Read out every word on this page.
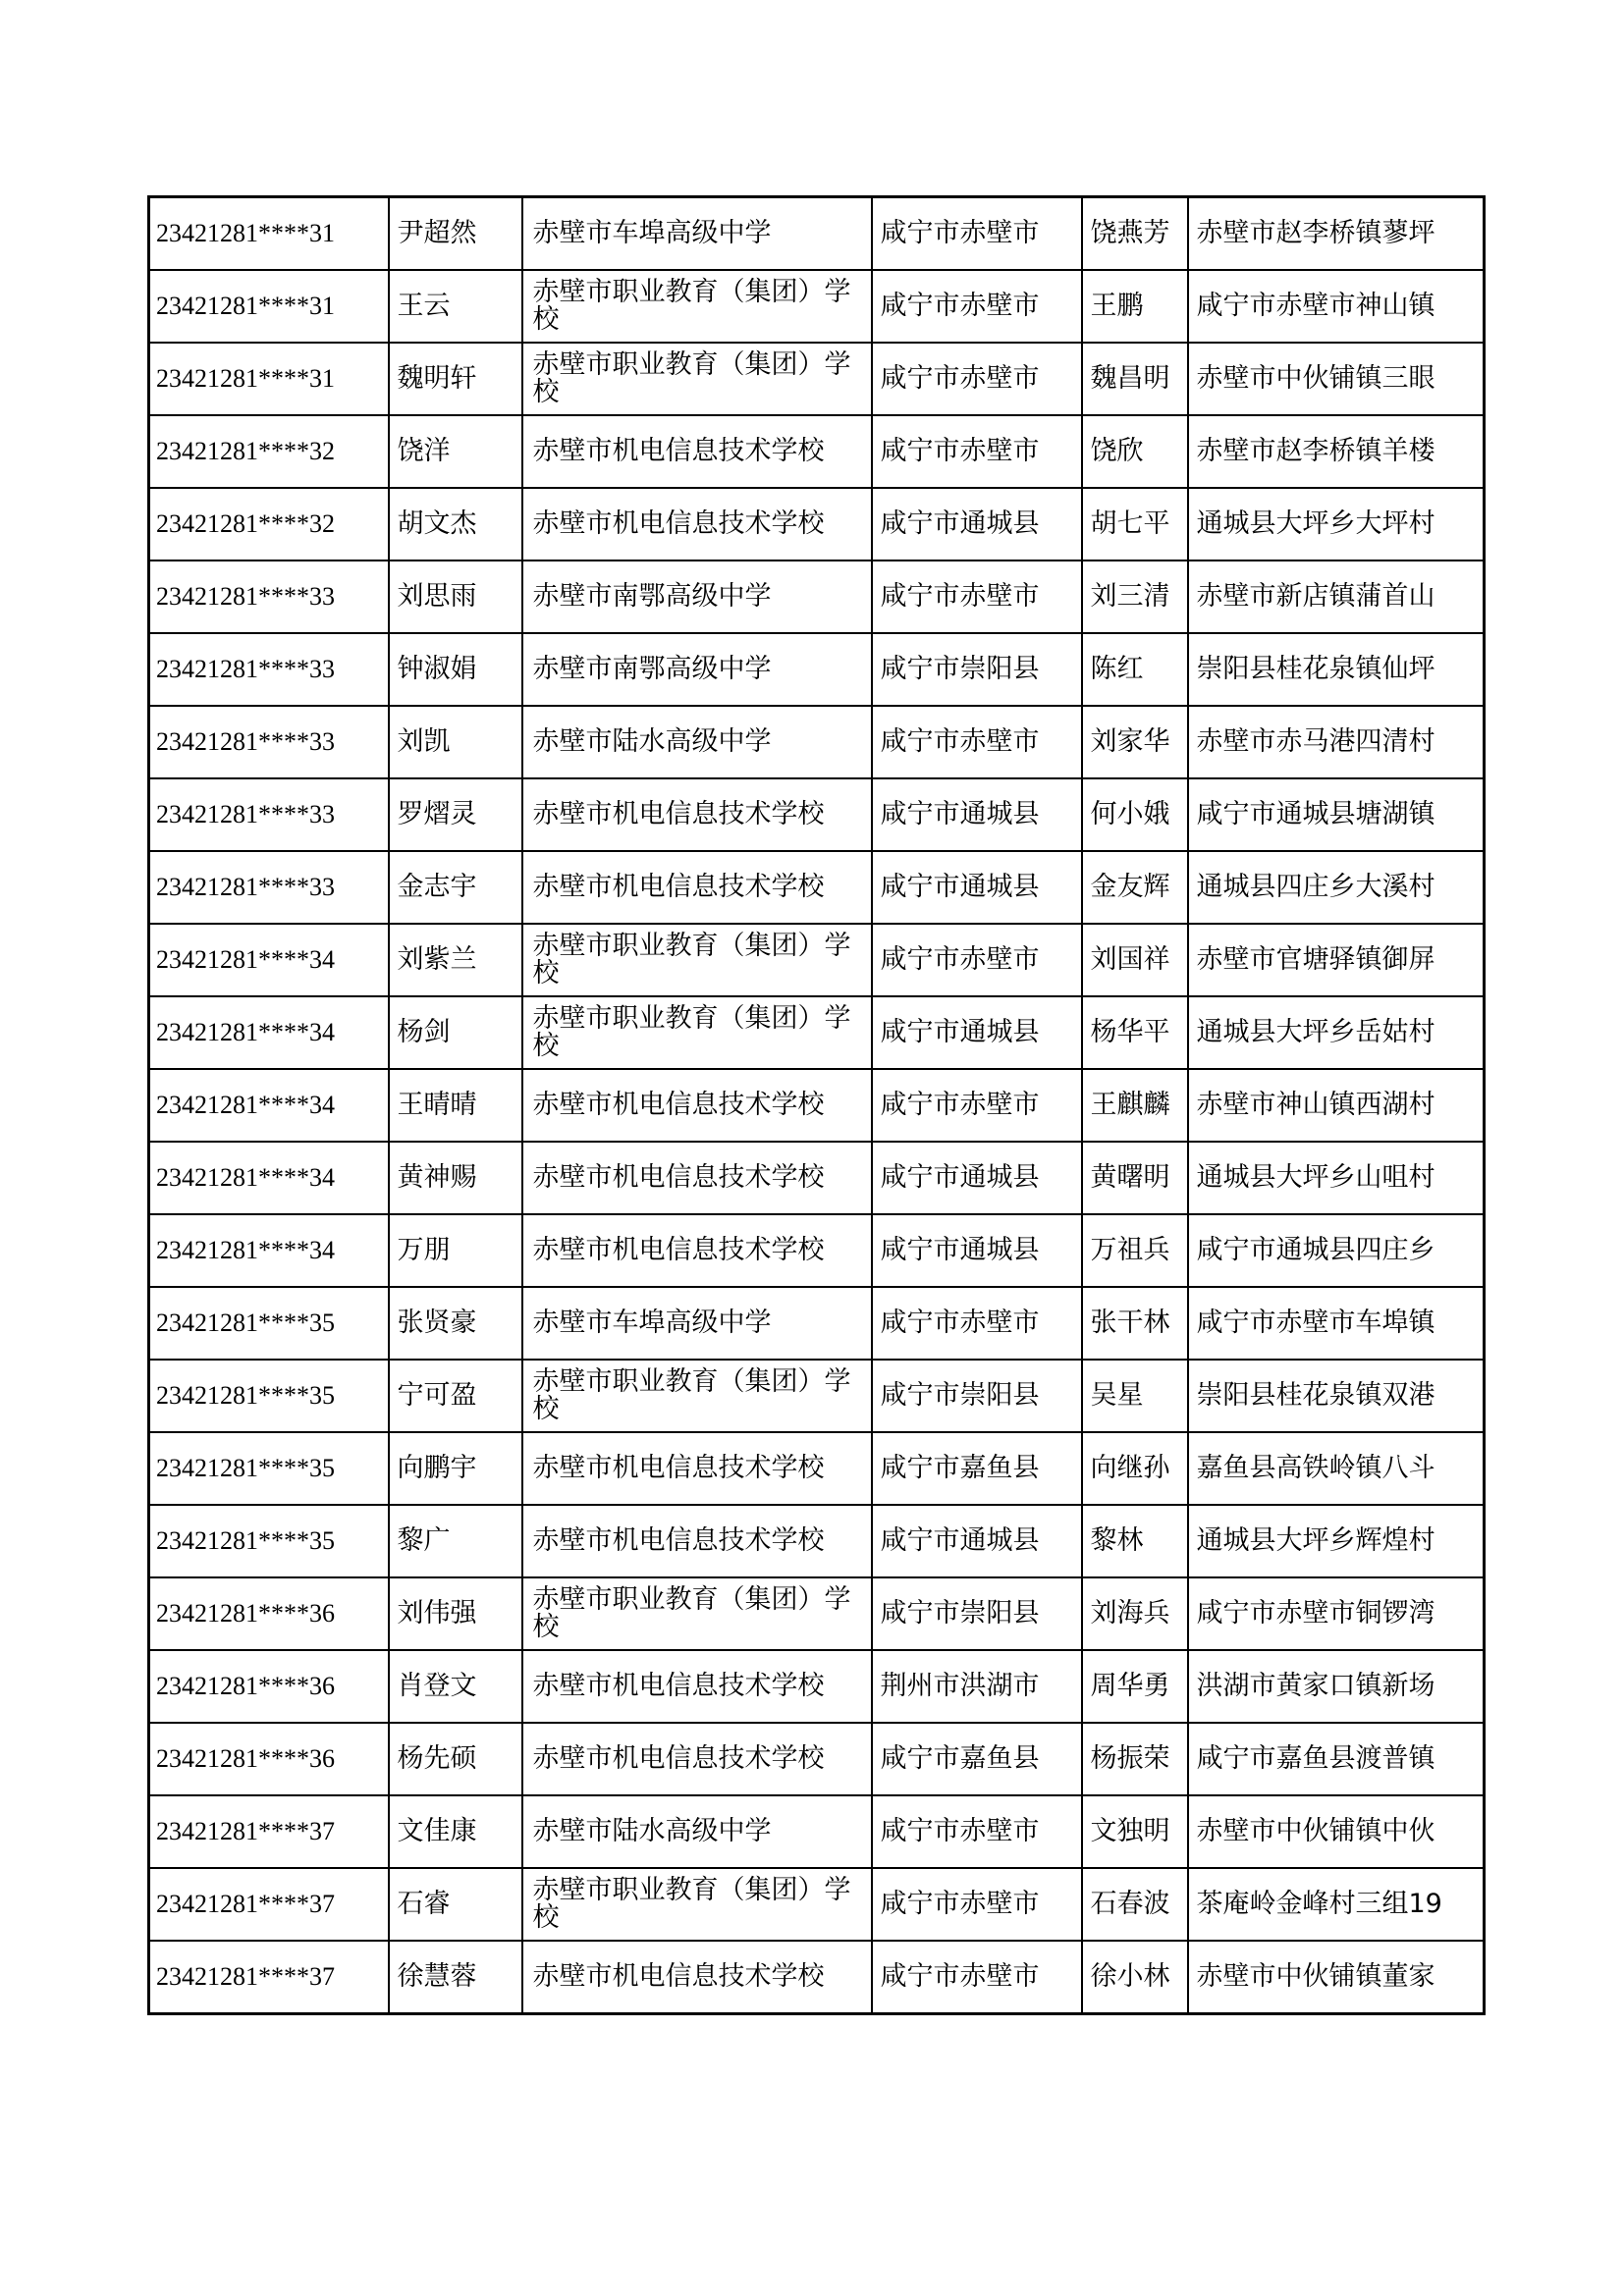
23421281****31	尹超然	赤壁市车埠高级中学	咸宁市赤壁市	饶燕芳	赤壁市赵李桥镇蓼坪
23421281****31	王云	赤壁市职业教育（集团）学校	咸宁市赤壁市	王鹏	咸宁市赤壁市神山镇
23421281****31	魏明轩	赤壁市职业教育（集团）学校	咸宁市赤壁市	魏昌明	赤壁市中伙铺镇三眼
23421281****32	饶洋	赤壁市机电信息技术学校	咸宁市赤壁市	饶欣	赤壁市赵李桥镇羊楼
23421281****32	胡文杰	赤壁市机电信息技术学校	咸宁市通城县	胡七平	通城县大坪乡大坪村
23421281****33	刘思雨	赤壁市南鄂高级中学	咸宁市赤壁市	刘三清	赤壁市新店镇蒲首山
23421281****33	钟淑娟	赤壁市南鄂高级中学	咸宁市崇阳县	陈红	崇阳县桂花泉镇仙坪
23421281****33	刘凯	赤壁市陆水高级中学	咸宁市赤壁市	刘家华	赤壁市赤马港四清村
23421281****33	罗熠灵	赤壁市机电信息技术学校	咸宁市通城县	何小娥	咸宁市通城县塘湖镇
23421281****33	金志宇	赤壁市机电信息技术学校	咸宁市通城县	金友辉	通城县四庄乡大溪村
23421281****34	刘紫兰	赤壁市职业教育（集团）学校	咸宁市赤壁市	刘国祥	赤壁市官塘驿镇御屏
23421281****34	杨剑	赤壁市职业教育（集团）学校	咸宁市通城县	杨华平	通城县大坪乡岳姑村
23421281****34	王晴晴	赤壁市机电信息技术学校	咸宁市赤壁市	王麒麟	赤壁市神山镇西湖村
23421281****34	黄神赐	赤壁市机电信息技术学校	咸宁市通城县	黄曙明	通城县大坪乡山咀村
23421281****34	万朋	赤壁市机电信息技术学校	咸宁市通城县	万祖兵	咸宁市通城县四庄乡
23421281****35	张贤豪	赤壁市车埠高级中学	咸宁市赤壁市	张干林	咸宁市赤壁市车埠镇
23421281****35	宁可盈	赤壁市职业教育（集团）学校	咸宁市崇阳县	吴星	崇阳县桂花泉镇双港
23421281****35	向鹏宇	赤壁市机电信息技术学校	咸宁市嘉鱼县	向继孙	嘉鱼县高铁岭镇八斗
23421281****35	黎广	赤壁市机电信息技术学校	咸宁市通城县	黎林	通城县大坪乡辉煌村
23421281****36	刘伟强	赤壁市职业教育（集团）学校	咸宁市崇阳县	刘海兵	咸宁市赤壁市铜锣湾
23421281****36	肖登文	赤壁市机电信息技术学校	荆州市洪湖市	周华勇	洪湖市黄家口镇新场
23421281****36	杨先硕	赤壁市机电信息技术学校	咸宁市嘉鱼县	杨振荣	咸宁市嘉鱼县渡普镇
23421281****37	文佳康	赤壁市陆水高级中学	咸宁市赤壁市	文独明	赤壁市中伙铺镇中伙
23421281****37	石睿	赤壁市职业教育（集团）学校	咸宁市赤壁市	石春波	茶庵岭金峰村三组19
23421281****37	徐慧蓉	赤壁市机电信息技术学校	咸宁市赤壁市	徐小林	赤壁市中伙铺镇董家
